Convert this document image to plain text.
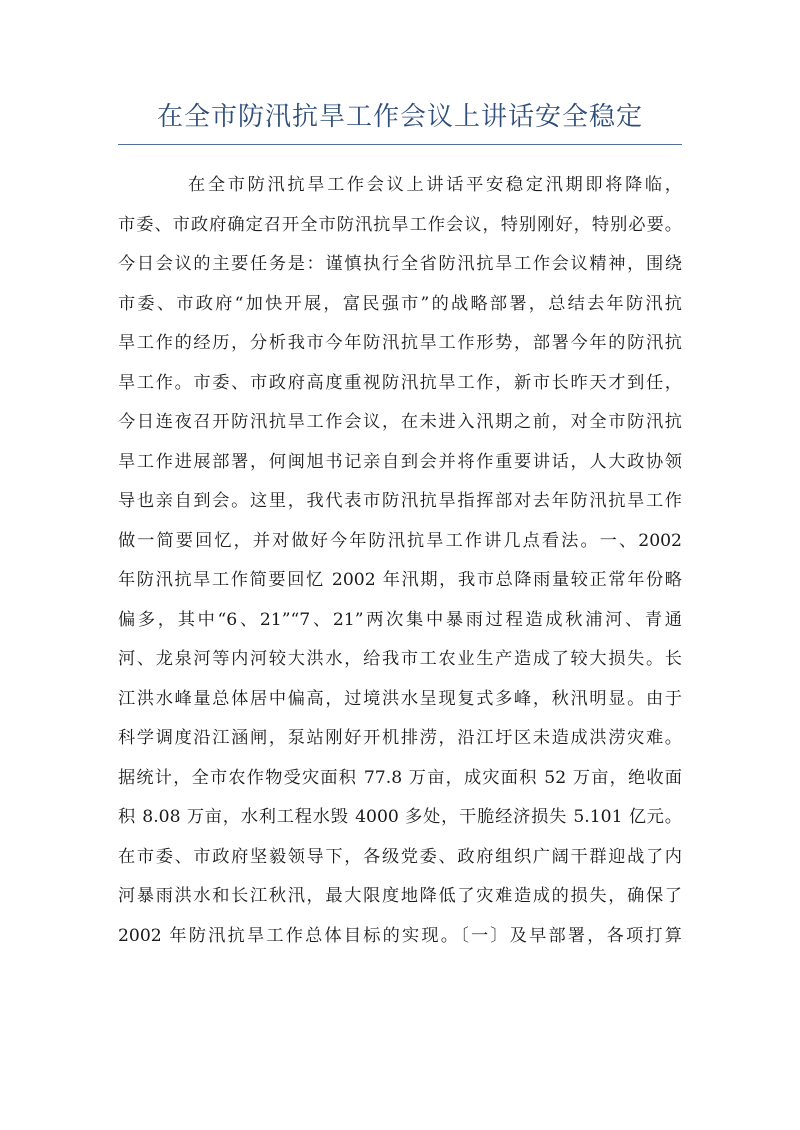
在全市防汛抗旱工作会议上讲话安全稳定
在全市防汛抗旱工作会议上讲话平安稳定汛期即将降临，
市委、市政府确定召开全市防汛抗旱工作会议，特别刚好，特别必要。
今日会议的主要任务是：谨慎执行全省防汛抗旱工作会议精神，围绕
市委、市政府“加快开展，富民强市”的战略部署，总结去年防汛抗
旱工作的经历，分析我市今年防汛抗旱工作形势，部署今年的防汛抗
旱工作。市委、市政府高度重视防汛抗旱工作，新市长昨天才到任，
今日连夜召开防汛抗旱工作会议，在未进入汛期之前，对全市防汛抗
旱工作进展部署，何闽旭书记亲自到会并将作重要讲话，人大政协领
导也亲自到会。这里，我代表市防汛抗旱指挥部对去年防汛抗旱工作
做一简要回忆，并对做好今年防汛抗旱工作讲几点看法。一、2002
年防汛抗旱工作简要回忆 2002 年汛期，我市总降雨量较正常年份略
偏多，其中“6、21”“7、21”两次集中暴雨过程造成秋浦河、青通
河、龙泉河等内河较大洪水，给我市工农业生产造成了较大损失。长
江洪水峰量总体居中偏高，过境洪水呈现复式多峰，秋汛明显。由于
科学调度沿江涵闸，泵站刚好开机排涝，沿江圩区未造成洪涝灾难。
据统计，全市农作物受灾面积 77.8 万亩，成灾面积 52 万亩，绝收面
积 8.08 万亩，水利工程水毁 4000 多处，干脆经济损失 5.101 亿元。
在市委、市政府坚毅领导下，各级党委、政府组织广阔干群迎战了内
河暴雨洪水和长江秋汛，最大限度地降低了灾难造成的损失，确保了
2002 年防汛抗旱工作总体目标的实现。〔一〕及早部署，各项打算
